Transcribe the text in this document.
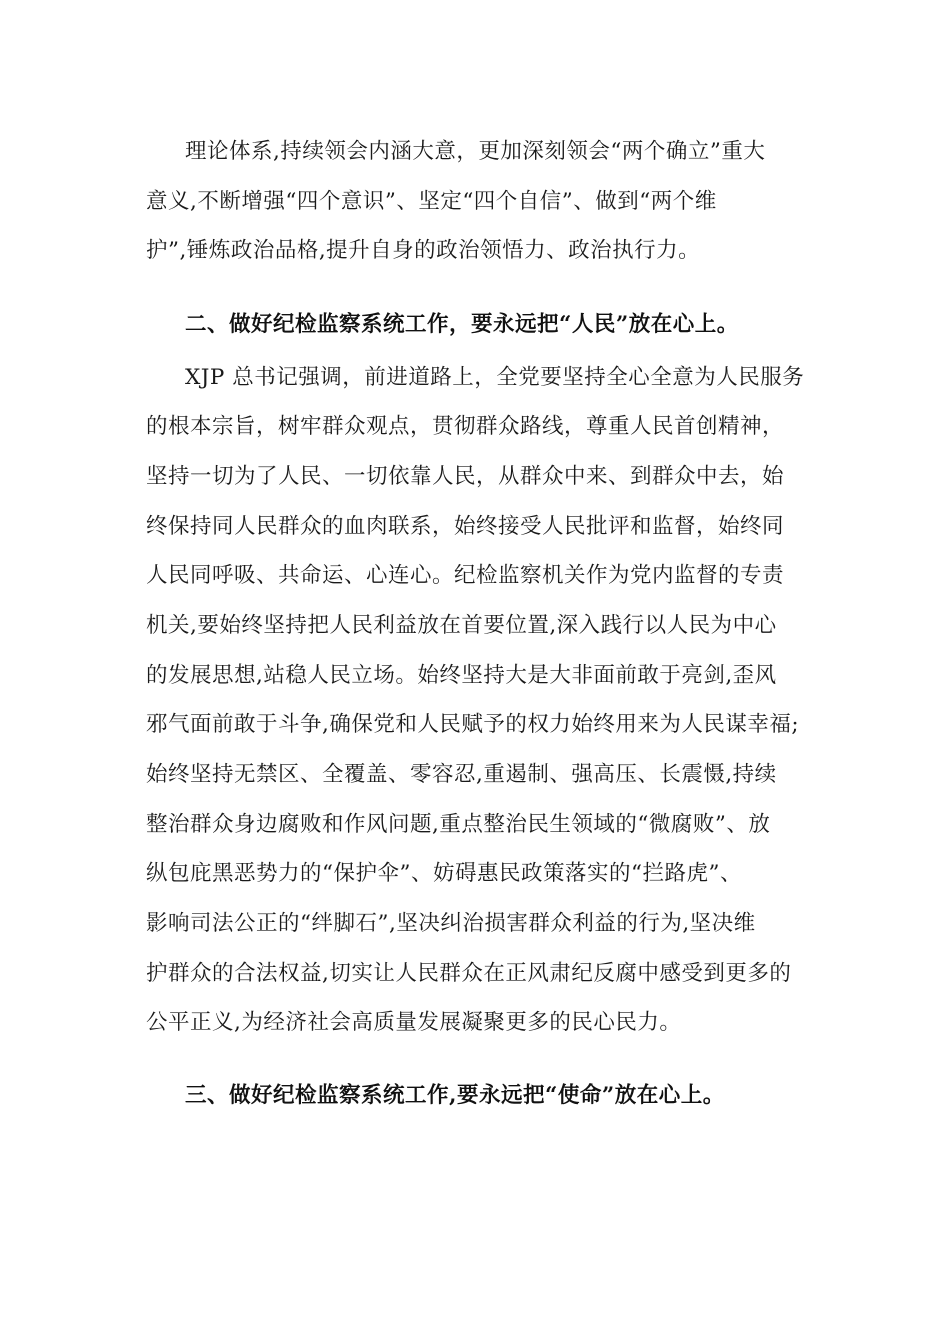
理论体系,持续领会内涵大意，更加深刻领会“两个确立”重大
意义,不断增强“四个意识”、坚定“四个自信”、做到“两个维
护”,锤炼政治品格,提升自身的政治领悟力、政治执行力。
二、做好纪检监察系统工作，要永远把“人民”放在心上。
XJP 总书记强调，前进道路上，全党要坚持全心全意为人民服务
的根本宗旨，树牢群众观点，贯彻群众路线，尊重人民首创精神，
坚持一切为了人民、一切依靠人民，从群众中来、到群众中去，始
终保持同人民群众的血肉联系，始终接受人民批评和监督，始终同
人民同呼吸、共命运、心连心。纪检监察机关作为党内监督的专责
机关,要始终坚持把人民利益放在首要位置,深入践行以人民为中心
的发展思想,站稳人民立场。始终坚持大是大非面前敢于亮剑,歪风
邪气面前敢于斗争,确保党和人民赋予的权力始终用来为人民谋幸福;
始终坚持无禁区、全覆盖、零容忍,重遏制、强高压、长震慑,持续
整治群众身边腐败和作风问题,重点整治民生领域的“微腐败”、放
纵包庇黑恶势力的“保护伞”、妨碍惠民政策落实的“拦路虎”、
影响司法公正的“绊脚石”,坚决纠治损害群众利益的行为,坚决维
护群众的合法权益,切实让人民群众在正风肃纪反腐中感受到更多的
公平正义,为经济社会高质量发展凝聚更多的民心民力。
三、做好纪检监察系统工作,要永远把“使命”放在心上。
